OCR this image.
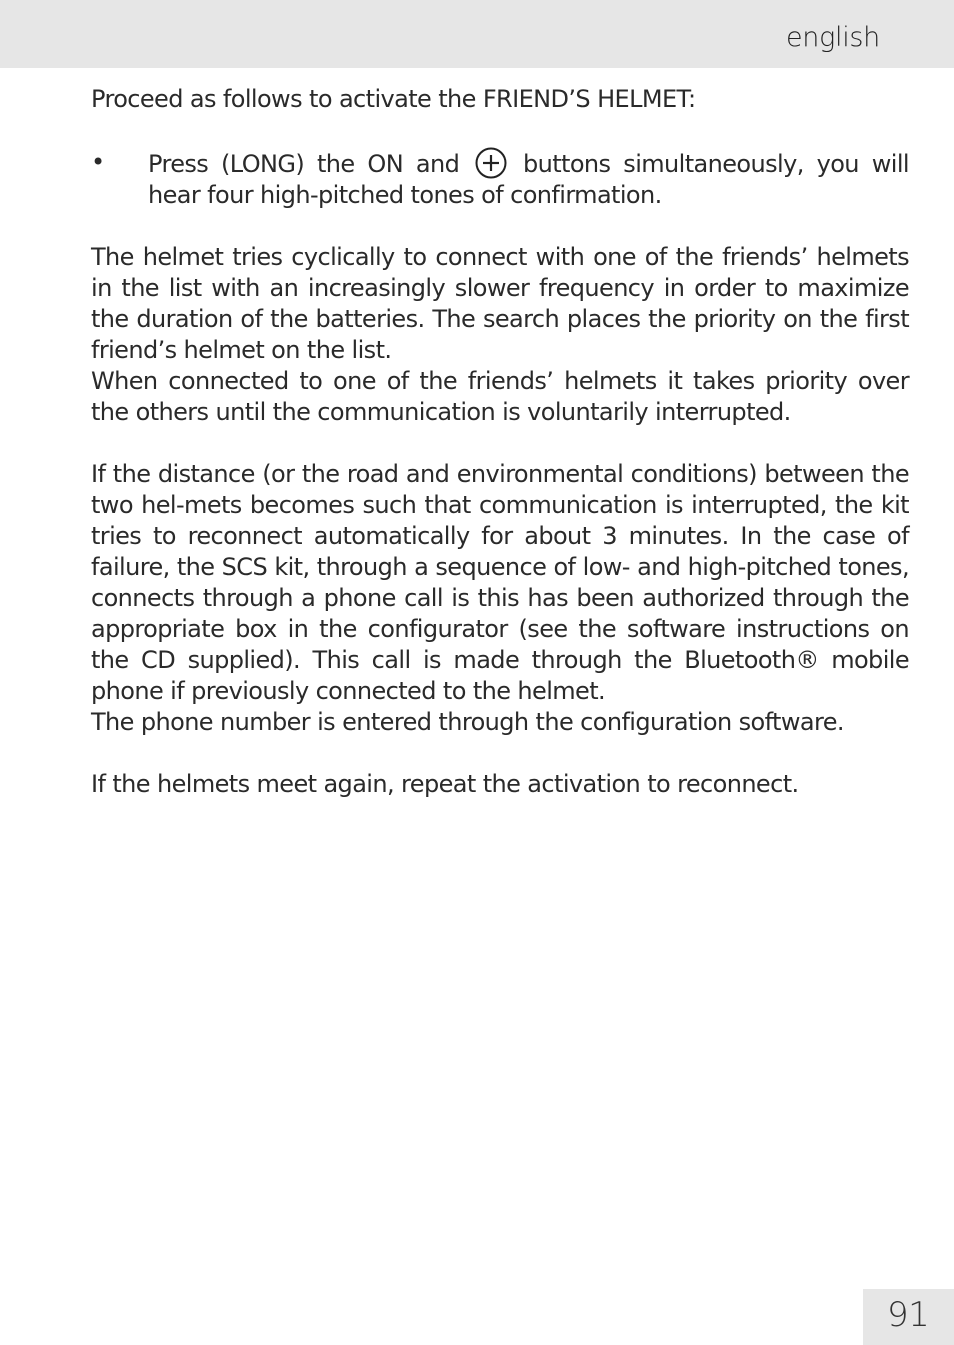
english

Proceed as follows to activate the FRIEND’S HELMET:

•	Press (LONG) the ON and  buttons simultaneously, you will hear four high-pitched tones of confirmation.

The helmet tries cyclically to connect with one of the friends’ helmets in the list with an increasingly slower frequency in order to maximize the duration of the batteries. The search places the priority on the first friend’s helmet on the list.

When connected to one of the friends’ helmets it takes priority over the others until the communication is voluntarily interrupted.

If the distance (or the road and environmental conditions) between the two hel-mets becomes such that communication is interrupted, the kit tries to reconnect automatically for about 3 minutes. In the case of failure, the SCS kit, through a sequence of low- and high-pitched tones, connects through a phone call is this has been authorized through the appropriate box in the configurator (see the software instructions on the CD supplied). This call is made through the Bluetooth® mobile phone if previously connected to the helmet.

The phone number is entered through the configuration software.

If the helmets meet again, repeat the activation to reconnect.

91
